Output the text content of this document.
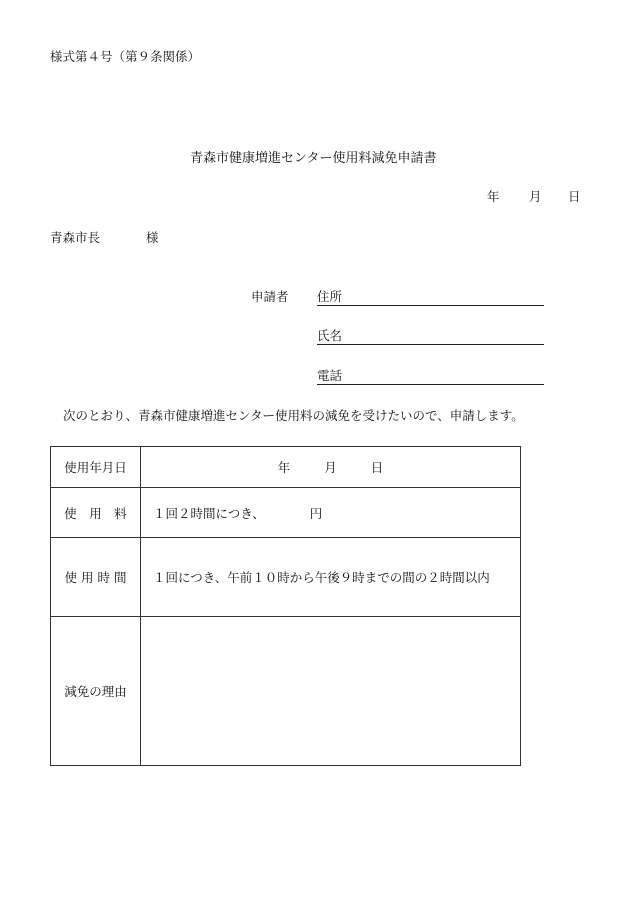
様式第４号（第９条関係）
青森市健康増進センター使用料減免申請書
年 月 日
青森市長	様
申請者 住所
氏名
電話
次のとおり、青森市健康増進センター使用料の減免を受けたいので、申請します。
使用年月日	年 月 日
使　用　料	１回２時間につき、 円
使 用 時 間	１回につき、午前１０時から午後９時までの間の２時間以内
減免の理由	
